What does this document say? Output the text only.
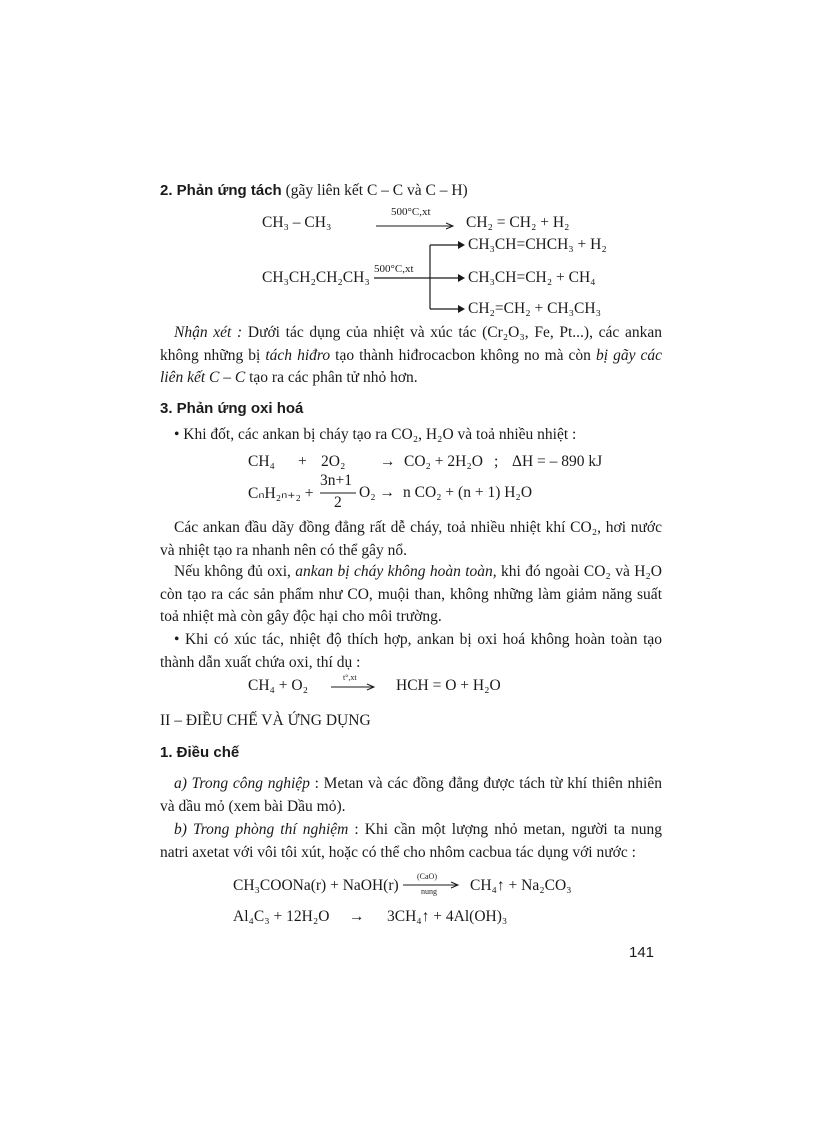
2. Phản ứng tách (gãy liên kết C – C và C – H)
CH₃ – CH₃
500°C,xt
CH₂ = CH₂ + H₂
CH₃CH₂CH₂CH₃ 500°C,xt
CH₃CH=CHCH₃ + H₂
CH₃CH=CH₂ + CH₄
CH₂=CH₂ + CH₃CH₃
Nhận xét : Dưới tác dụng của nhiệt và xúc tác (Cr₂O₃, Fe, Pt...), các ankan không những bị tách hiđro tạo thành hiđrocacbon không no mà còn bị gãy các liên kết C – C tạo ra các phân tử nhỏ hơn.
3. Phản ứng oxi hoá
• Khi đốt, các ankan bị cháy tạo ra CO₂, H₂O và toả nhiều nhiệt :
CH₄ + 2O₂ → CO₂ + 2H₂O ; ΔH = – 890 kJ
CₙH₂ₙ₊₂ +
3n+1
2
O₂ → n CO₂ + (n + 1) H₂O
Các ankan đầu dãy đồng đẳng rất dễ cháy, toả nhiều nhiệt khí CO₂, hơi nước và nhiệt tạo ra nhanh nên có thể gây nổ.
Nếu không đủ oxi, ankan bị cháy không hoàn toàn, khi đó ngoài CO₂ và H₂O còn tạo ra các sản phẩm như CO, muội than, không những làm giảm năng suất toả nhiệt mà còn gây độc hại cho môi trường.
• Khi có xúc tác, nhiệt độ thích hợp, ankan bị oxi hoá không hoàn toàn tạo thành dẫn xuất chứa oxi, thí dụ :
CH₄ + O₂	t°,xt	HCH = O + H₂O
II – ĐIỀU CHẾ VÀ ỨNG DỤNG
1. Điều chế
a) Trong công nghiệp : Metan và các đồng đẳng được tách từ khí thiên nhiên và dầu mỏ (xem bài Dầu mỏ).
b) Trong phòng thí nghiệm : Khi cần một lượng nhỏ metan, người ta nung natri axetat với vôi tôi xút, hoặc có thể cho nhôm cacbua tác dụng với nước :
CH₃COONa(r) + NaOH(r)
(CaO)
nung CH₄↑ + Na₂CO₃
Al₄C₃ + 12H₂O → 3CH₄↑ + 4Al(OH)₃
141
